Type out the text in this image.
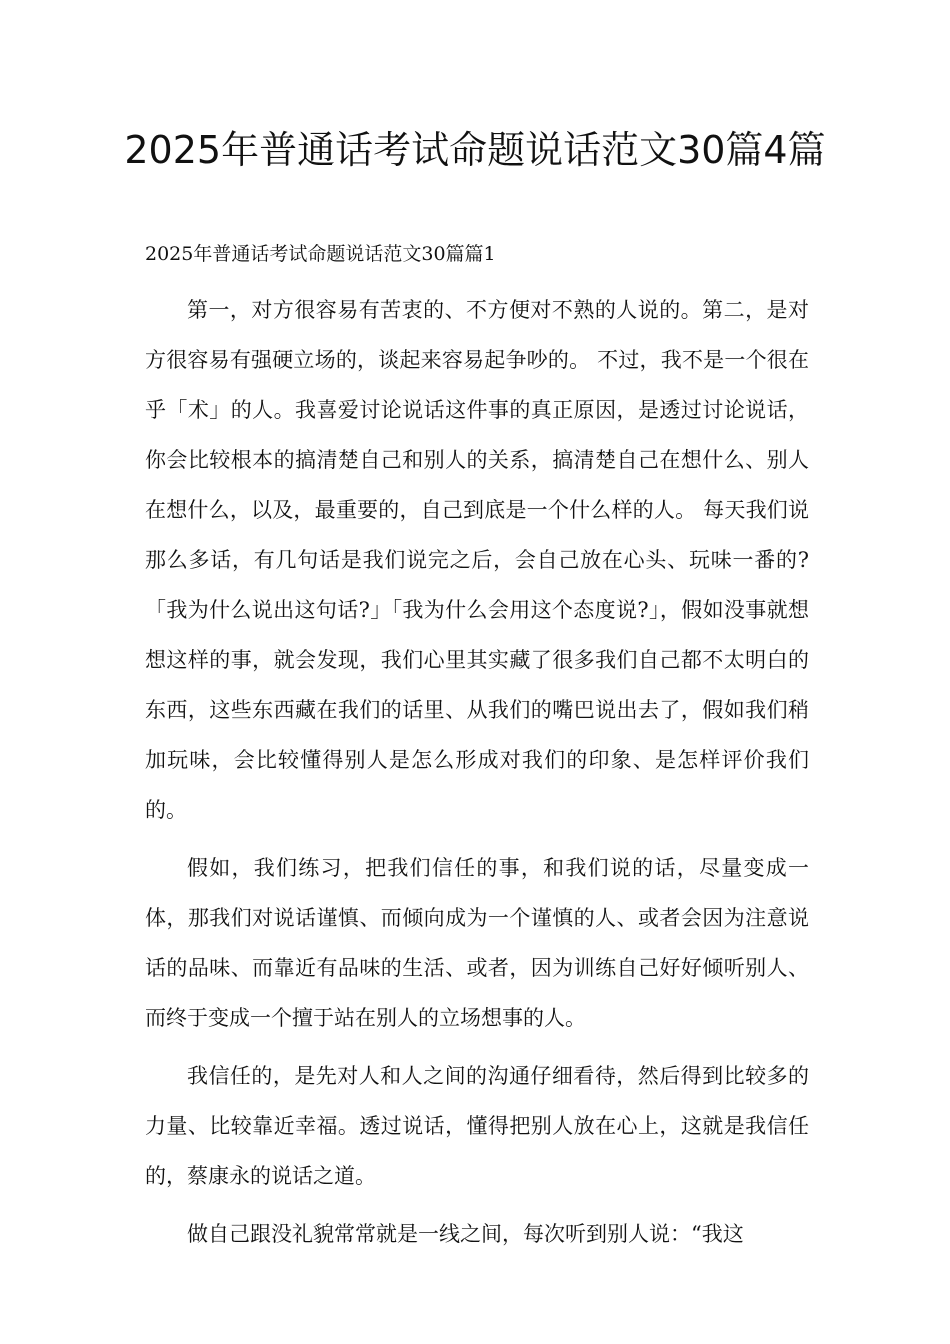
2025年普通话考试命题说话范文30篇4篇

2025年普通话考试命题说话范文30篇篇1

第一，对方很容易有苦衷的、不方便对不熟的人说的。第二，是对方很容易有强硬立场的，谈起来容易起争吵的。 不过，我不是一个很在乎「术」的人。我喜爱讨论说话这件事的真正原因，是透过讨论说话，你会比较根本的搞清楚自己和别人的关系，搞清楚自己在想什么、别人在想什么，以及，最重要的，自己到底是一个什么样的人。 每天我们说那么多话，有几句话是我们说完之后，会自己放在心头、玩味一番的?「我为什么说出这句话?」「我为什么会用这个态度说?」，假如没事就想想这样的事，就会发现，我们心里其实藏了很多我们自己都不太明白的东西，这些东西藏在我们的话里、从我们的嘴巴说出去了，假如我们稍加玩味，会比较懂得别人是怎么形成对我们的印象、是怎样评价我们的。

假如，我们练习，把我们信任的事，和我们说的话，尽量变成一体，那我们对说话谨慎、而倾向成为一个谨慎的人、或者会因为注意说话的品味、而靠近有品味的生活、或者，因为训练自己好好倾听别人、而终于变成一个擅于站在别人的立场想事的人。

我信任的，是先对人和人之间的沟通仔细看待，然后得到比较多的力量、比较靠近幸福。透过说话，懂得把别人放在心上，这就是我信任的，蔡康永的说话之道。

做自己跟没礼貌常常就是一线之间，每次听到别人说：“我这
